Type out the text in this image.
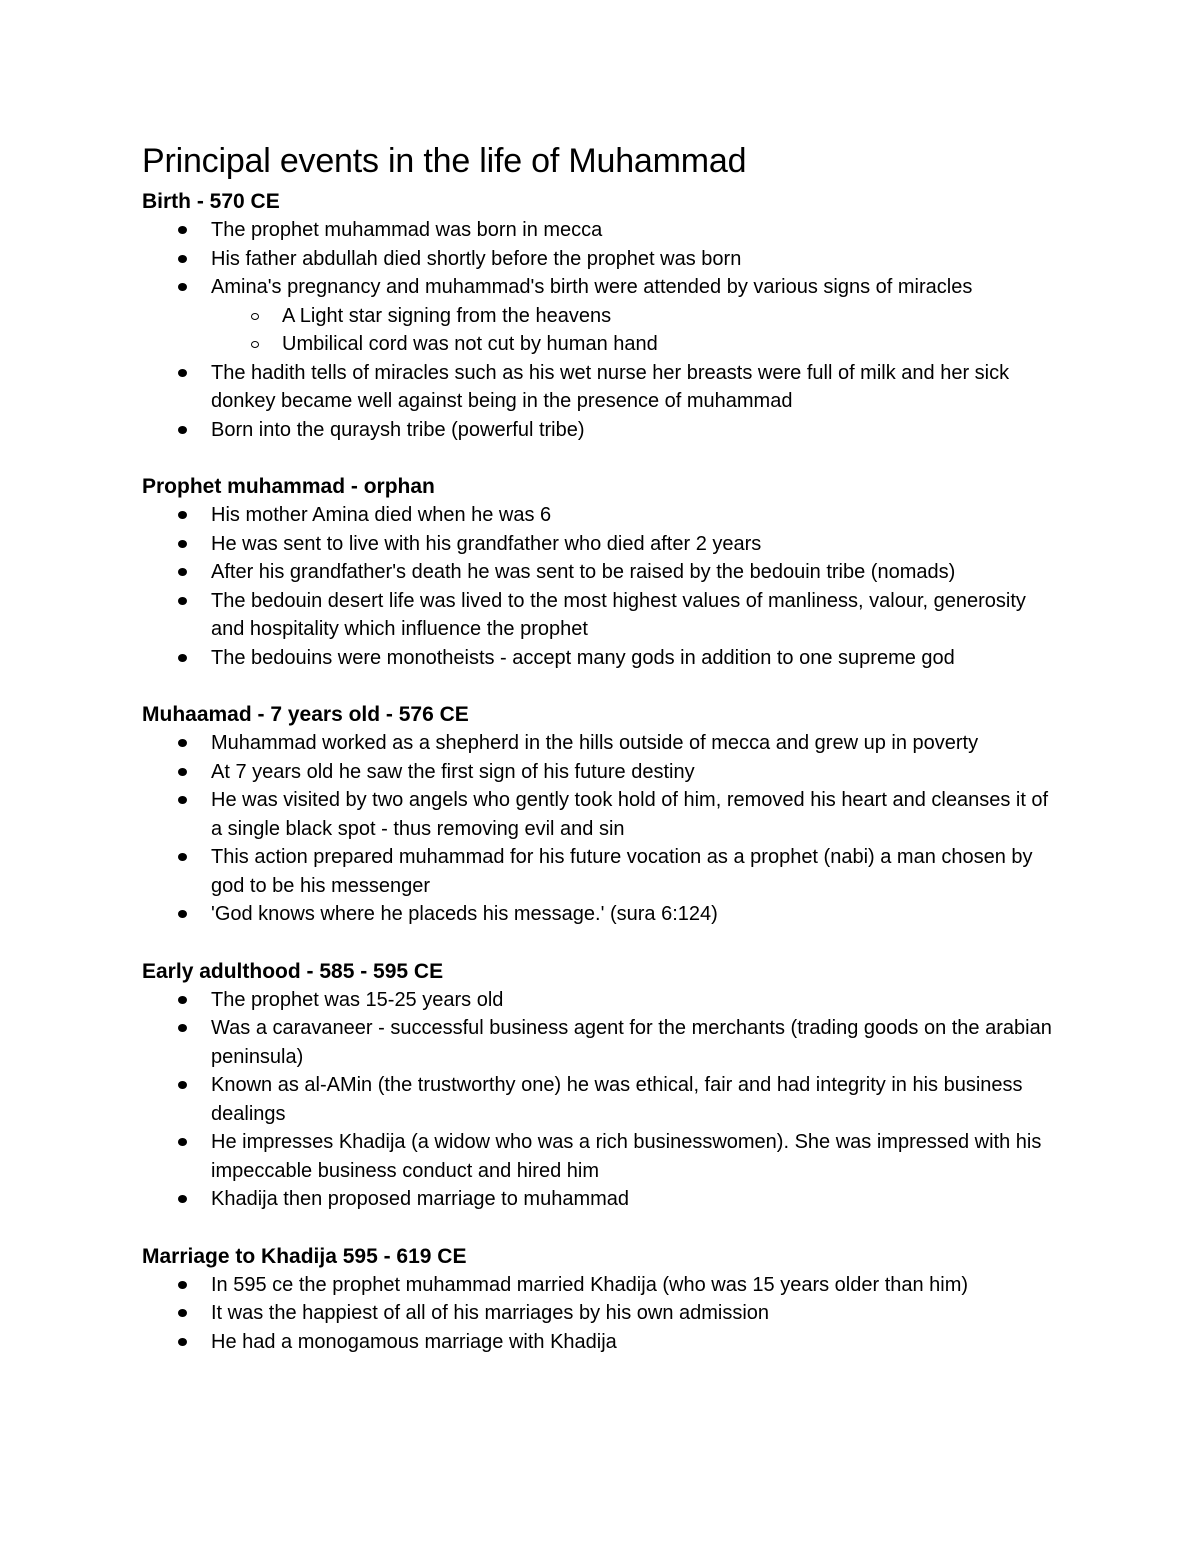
Principal events in the life of Muhammad
Birth - 570 CE
The prophet muhammad was born in mecca
His father abdullah died shortly before the prophet was born
Amina's pregnancy and muhammad's birth were attended by various signs of miracles
A Light star signing from the heavens
Umbilical cord was not cut by human hand
The hadith tells of miracles such as his wet nurse her breasts were full of milk and her sick donkey became well against being in the presence of muhammad
Born into the quraysh tribe (powerful tribe)
Prophet muhammad - orphan
His mother Amina died when he was 6
He was sent to live with his grandfather who died after 2 years
After his grandfather's death he was sent to be raised by the bedouin tribe (nomads)
The bedouin desert life was lived to the most highest values of manliness, valour, generosity and hospitality which influence the prophet
The bedouins were monotheists - accept many gods in addition to one supreme god
Muhaamad - 7 years old - 576 CE
Muhammad worked as a shepherd in the hills outside of mecca and grew up in poverty
At 7 years old he saw the first sign of his future destiny
He was visited by two angels who gently took hold of him, removed his heart and cleanses it of a single black spot - thus removing evil and sin
This action prepared muhammad for his future vocation as a prophet (nabi) a man chosen by god to be his messenger
'God knows where he placeds his message.' (sura 6:124)
Early adulthood - 585 - 595 CE
The prophet was 15-25 years old
Was a caravaneer - successful business agent for the merchants (trading goods on the arabian peninsula)
Known as al-AMin (the trustworthy one) he was ethical, fair and had integrity in his business dealings
He impresses Khadija (a widow who was a rich businesswomen). She was impressed with his impeccable business conduct and hired him
Khadija then proposed marriage to muhammad
Marriage to Khadija 595 - 619 CE
In 595 ce the prophet muhammad married Khadija (who was 15 years older than him)
It was the happiest of all of his marriages by his own admission
He had a monogamous marriage with Khadija
